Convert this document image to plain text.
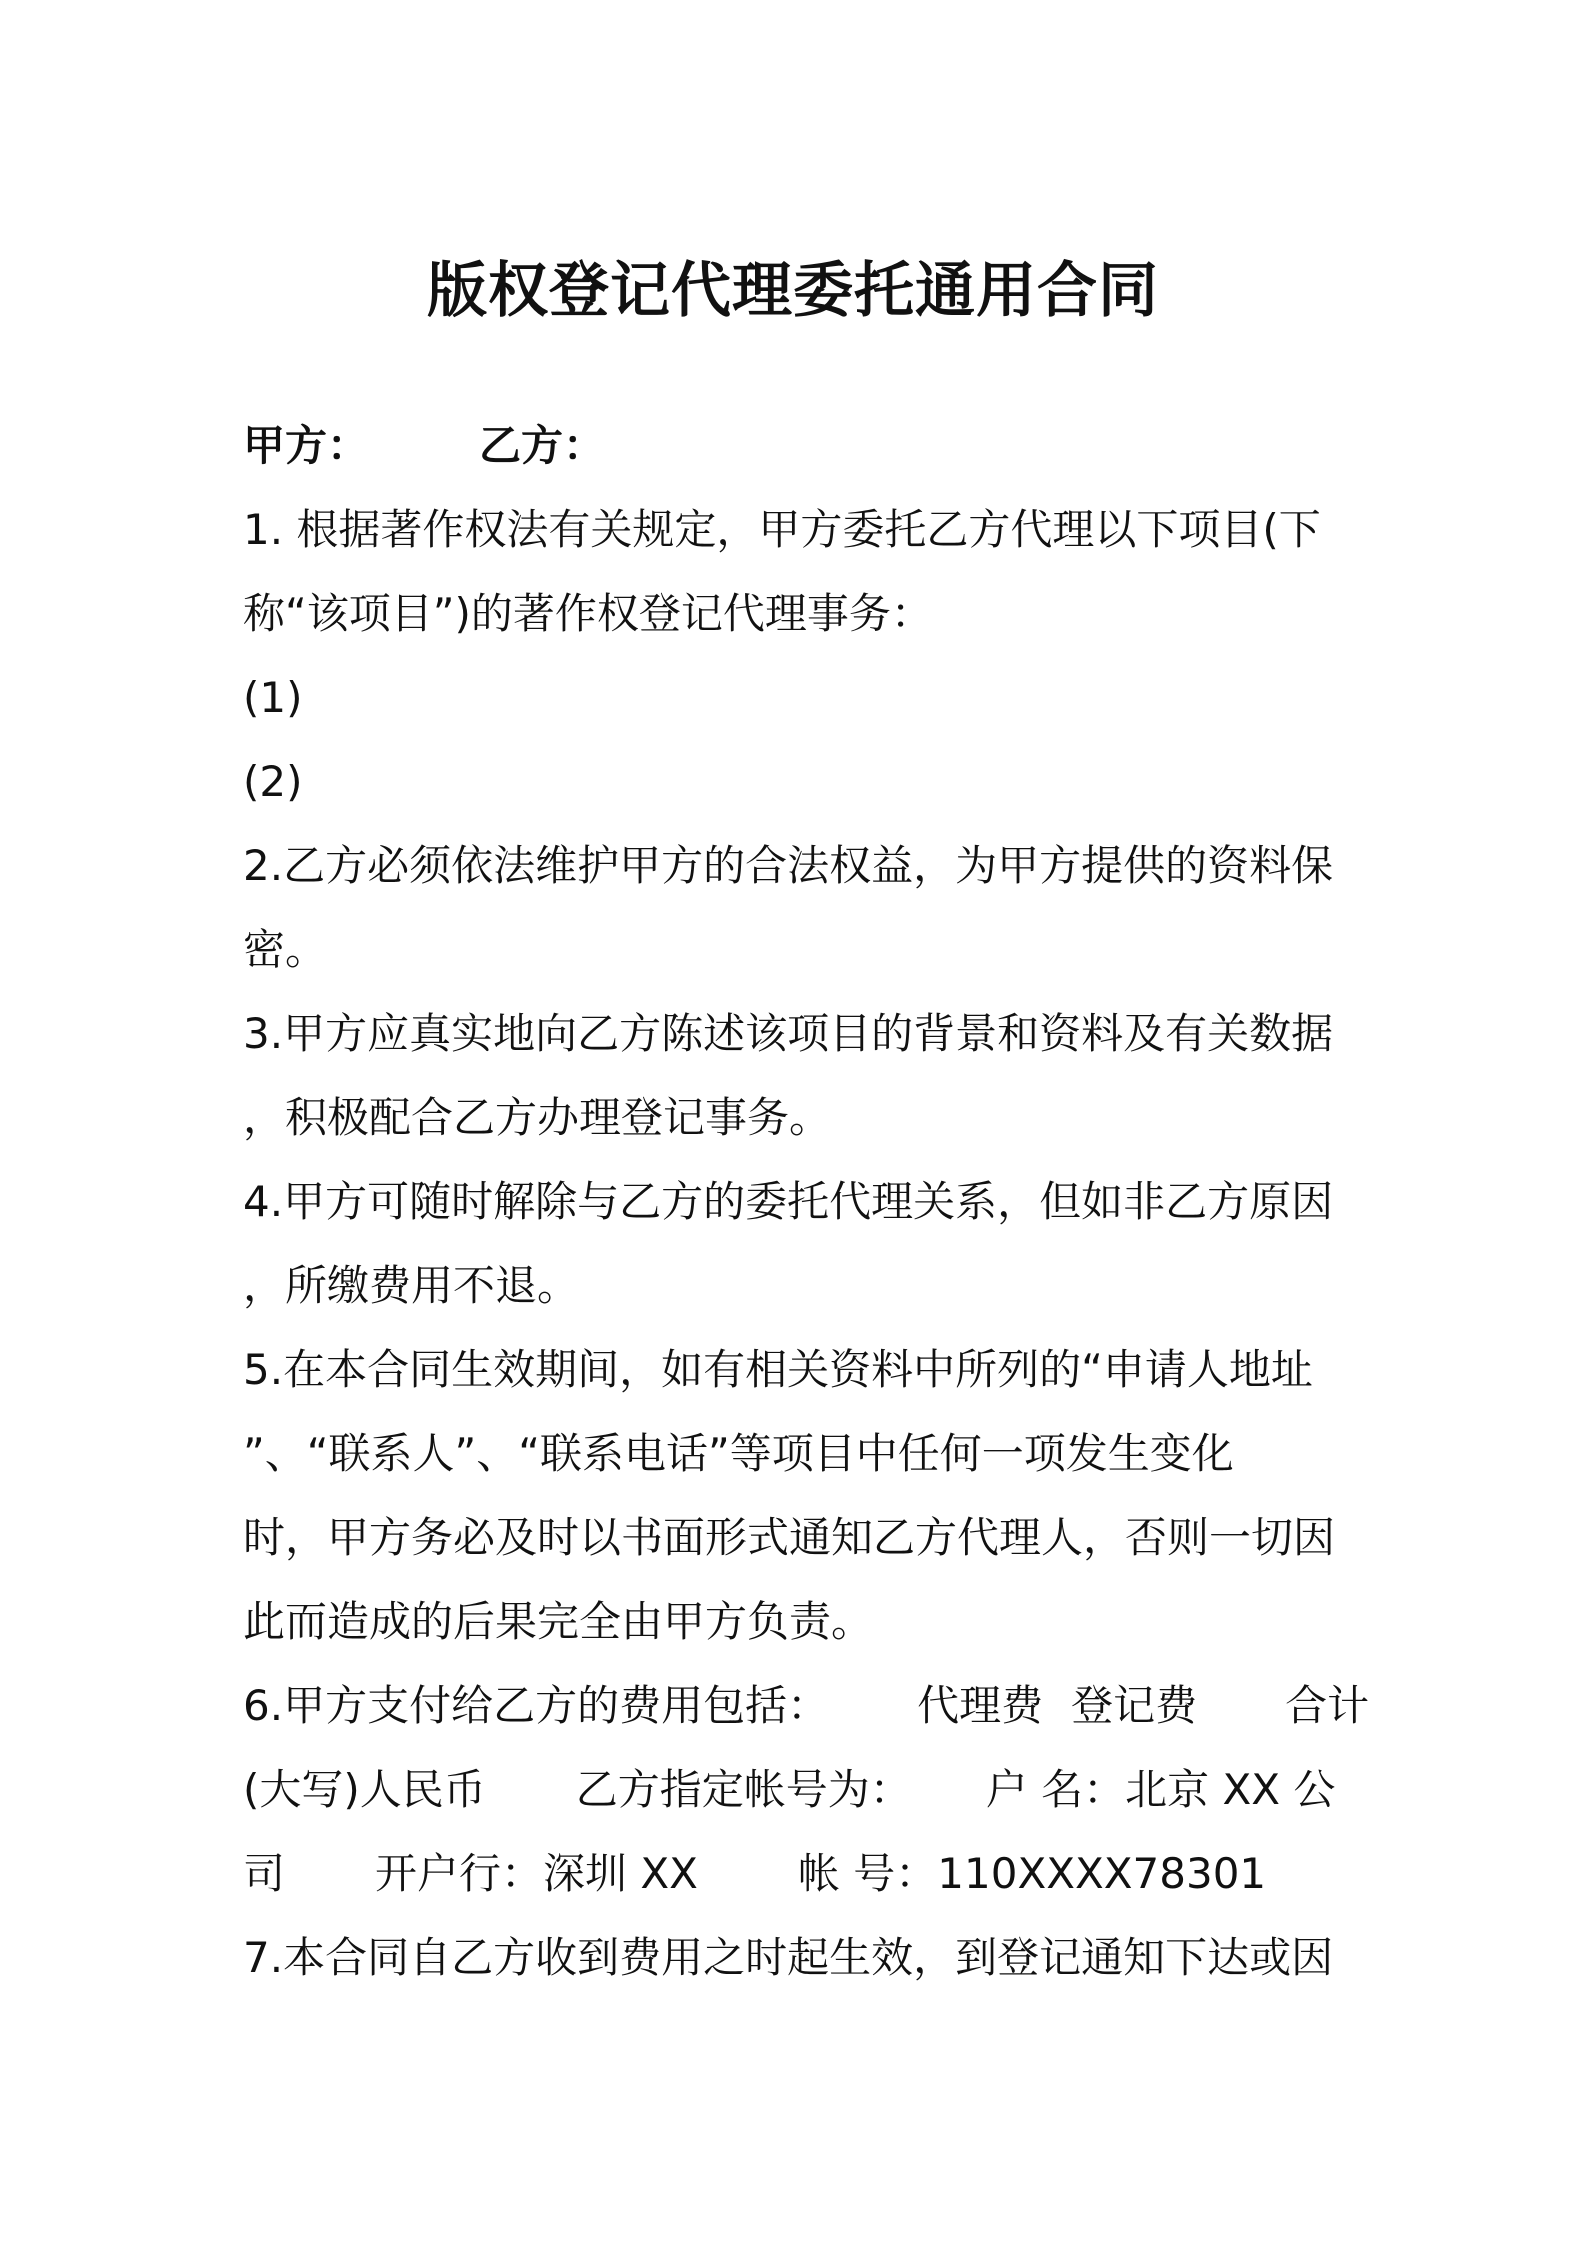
版权登记代理委托通用合同
甲方：	乙方：
1. 根据著作权法有关规定，甲方委托乙方代理以下项目(下
称“该项目”)的著作权登记代理事务：
(1)
(2)
2.乙方必须依法维护甲方的合法权益，为甲方提供的资料保
密。
3.甲方应真实地向乙方陈述该项目的背景和资料及有关数据
，积极配合乙方办理登记事务。
4.甲方可随时解除与乙方的委托代理关系，但如非乙方原因
，所缴费用不退。
5.在本合同生效期间，如有相关资料中所列的“申请人地址
”、“联系人”、“联系电话”等项目中任何一项发生变化
时，甲方务必及时以书面形式通知乙方代理人，否则一切因
此而造成的后果完全由甲方负责。
6.甲方支付给乙方的费用包括： 代理费 登记费 合计
(大写)人民币 乙方指定帐号为： 户 名：北京 XX 公
司 开户行：深圳 XX 帐 号：110XXXX78301
7.本合同自乙方收到费用之时起生效，到登记通知下达或因
